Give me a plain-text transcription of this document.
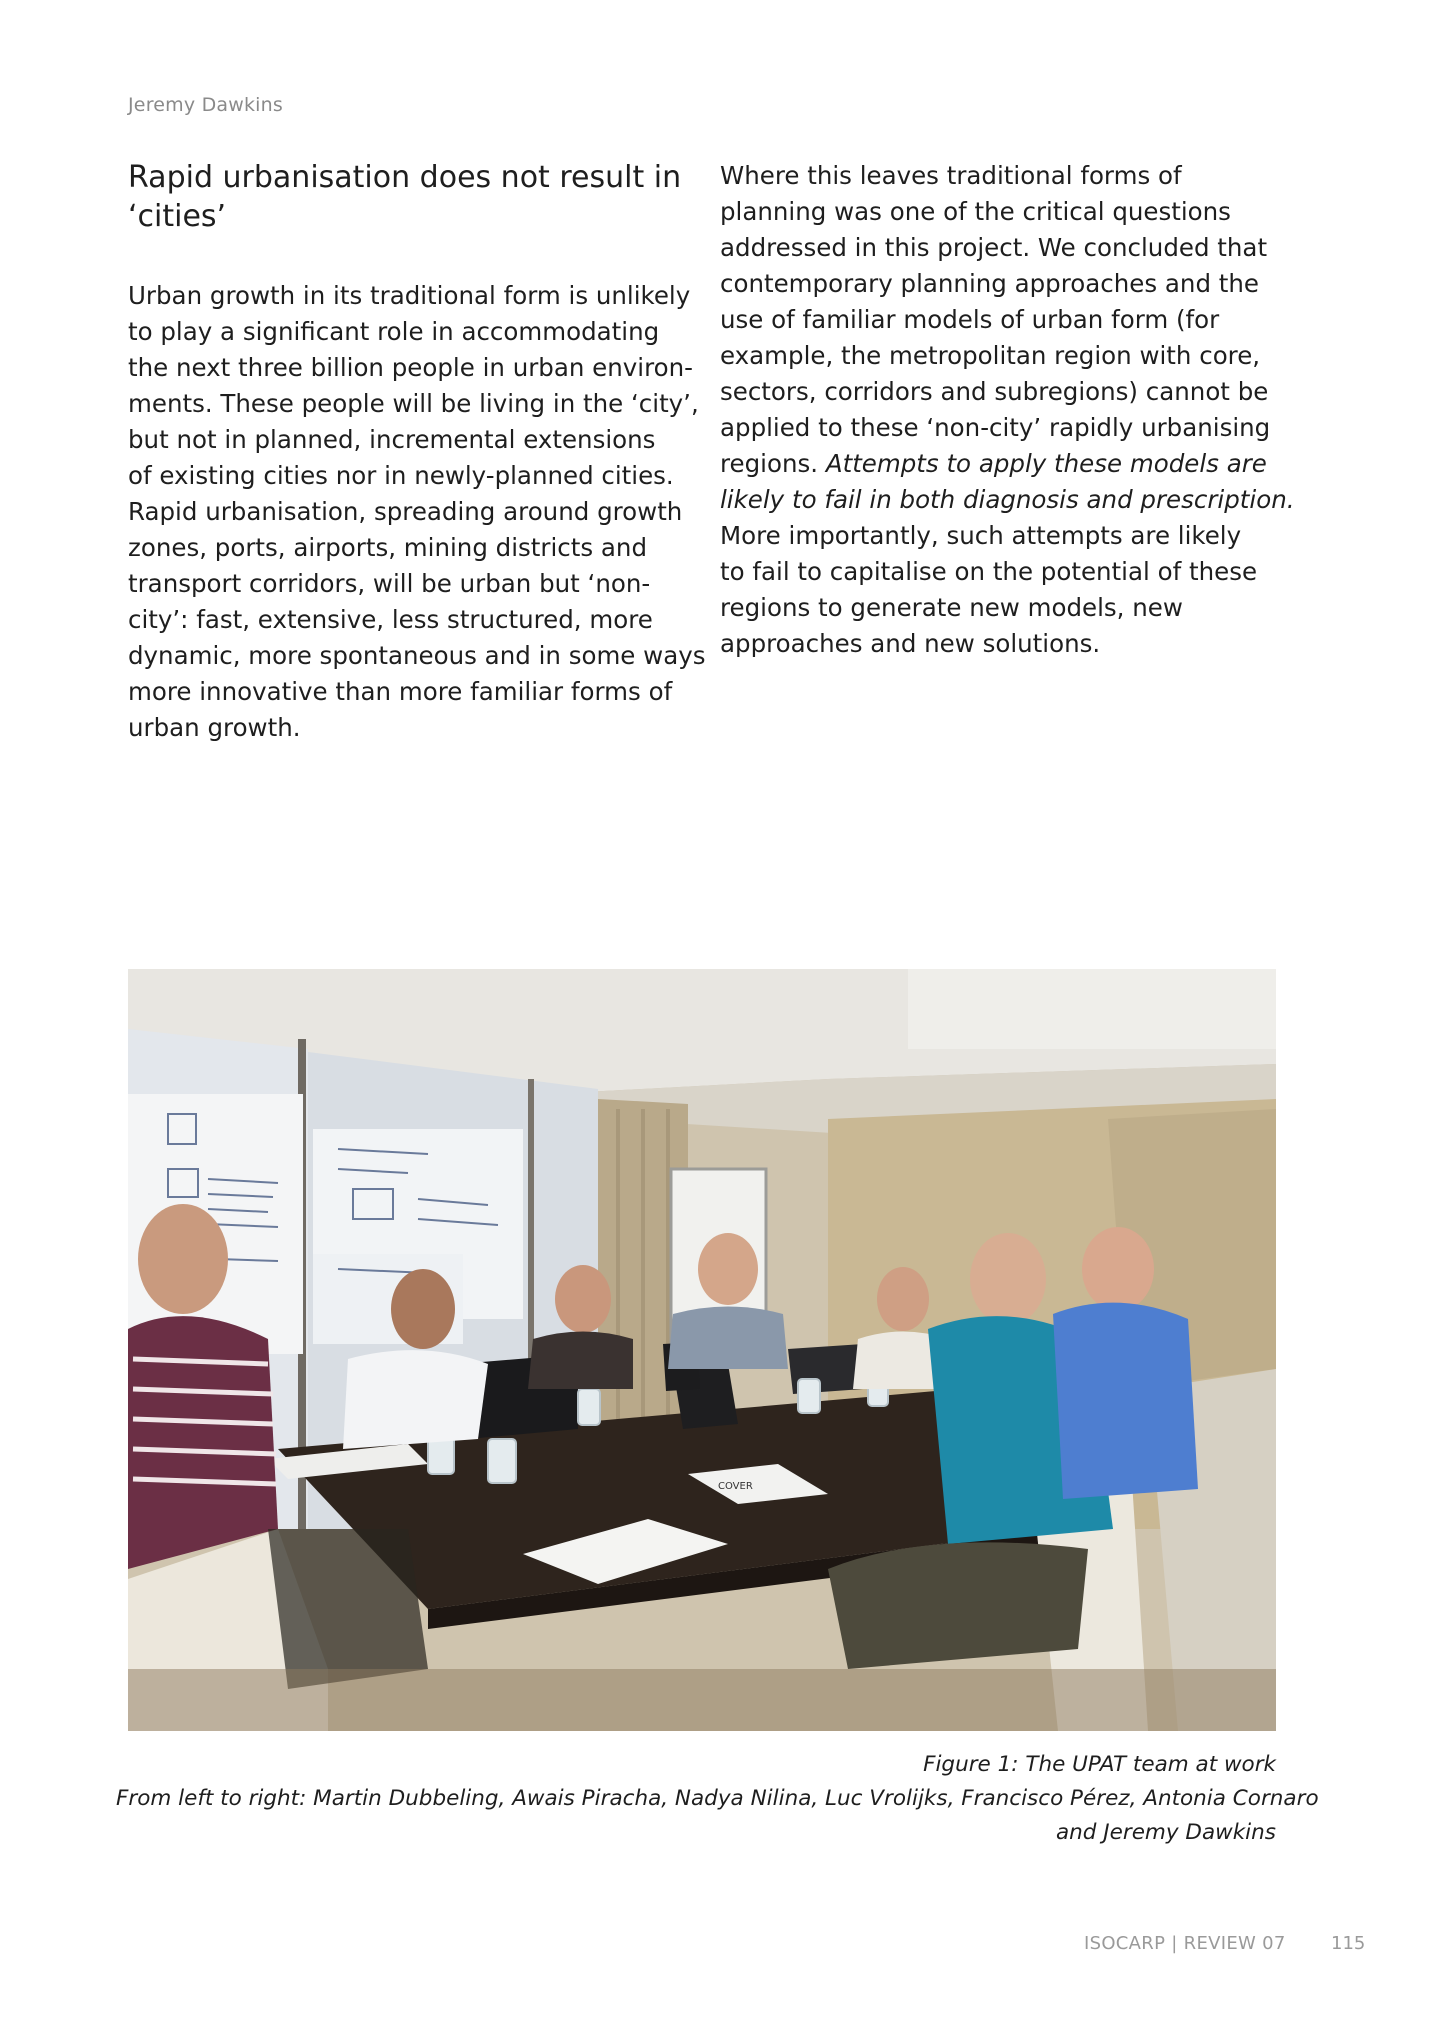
Jeremy Dawkins
Rapid urbanisation does not result in
‘cities’

Urban growth in its traditional form is unlikely
to play a significant role in accommodating
the next three billion people in urban environ-
ments. These people will be living in the ‘city’,
but not in planned, incremental extensions
of existing cities nor in newly-planned cities.
Rapid urbanisation, spreading around growth
zones, ports, airports, mining districts and
transport corridors, will be urban but ‘non-
city’: fast, extensive, less structured, more
dynamic, more spontaneous and in some ways
more innovative than more familiar forms of
urban growth.

Where this leaves traditional forms of
planning was one of the critical questions
addressed in this project. We concluded that
contemporary planning approaches and the
use of familiar models of urban form (for
example, the metropolitan region with core,
sectors, corridors and subregions) cannot be
applied to these ‘non-city’ rapidly urbanising
regions. Attempts to apply these models are
likely to fail in both diagnosis and prescription.
More importantly, such attempts are likely
to fail to capitalise on the potential of these
regions to generate new models, new
approaches and new solutions.

COVER
Figure 1: The UPAT team at work
From left to right: Martin Dubbeling, Awais Piracha, Nadya Nilina, Luc Vrolijks, Francisco Pérez, Antonia Cornaro
and Jeremy Dawkins
ISOCARP | REVIEW 07	115
